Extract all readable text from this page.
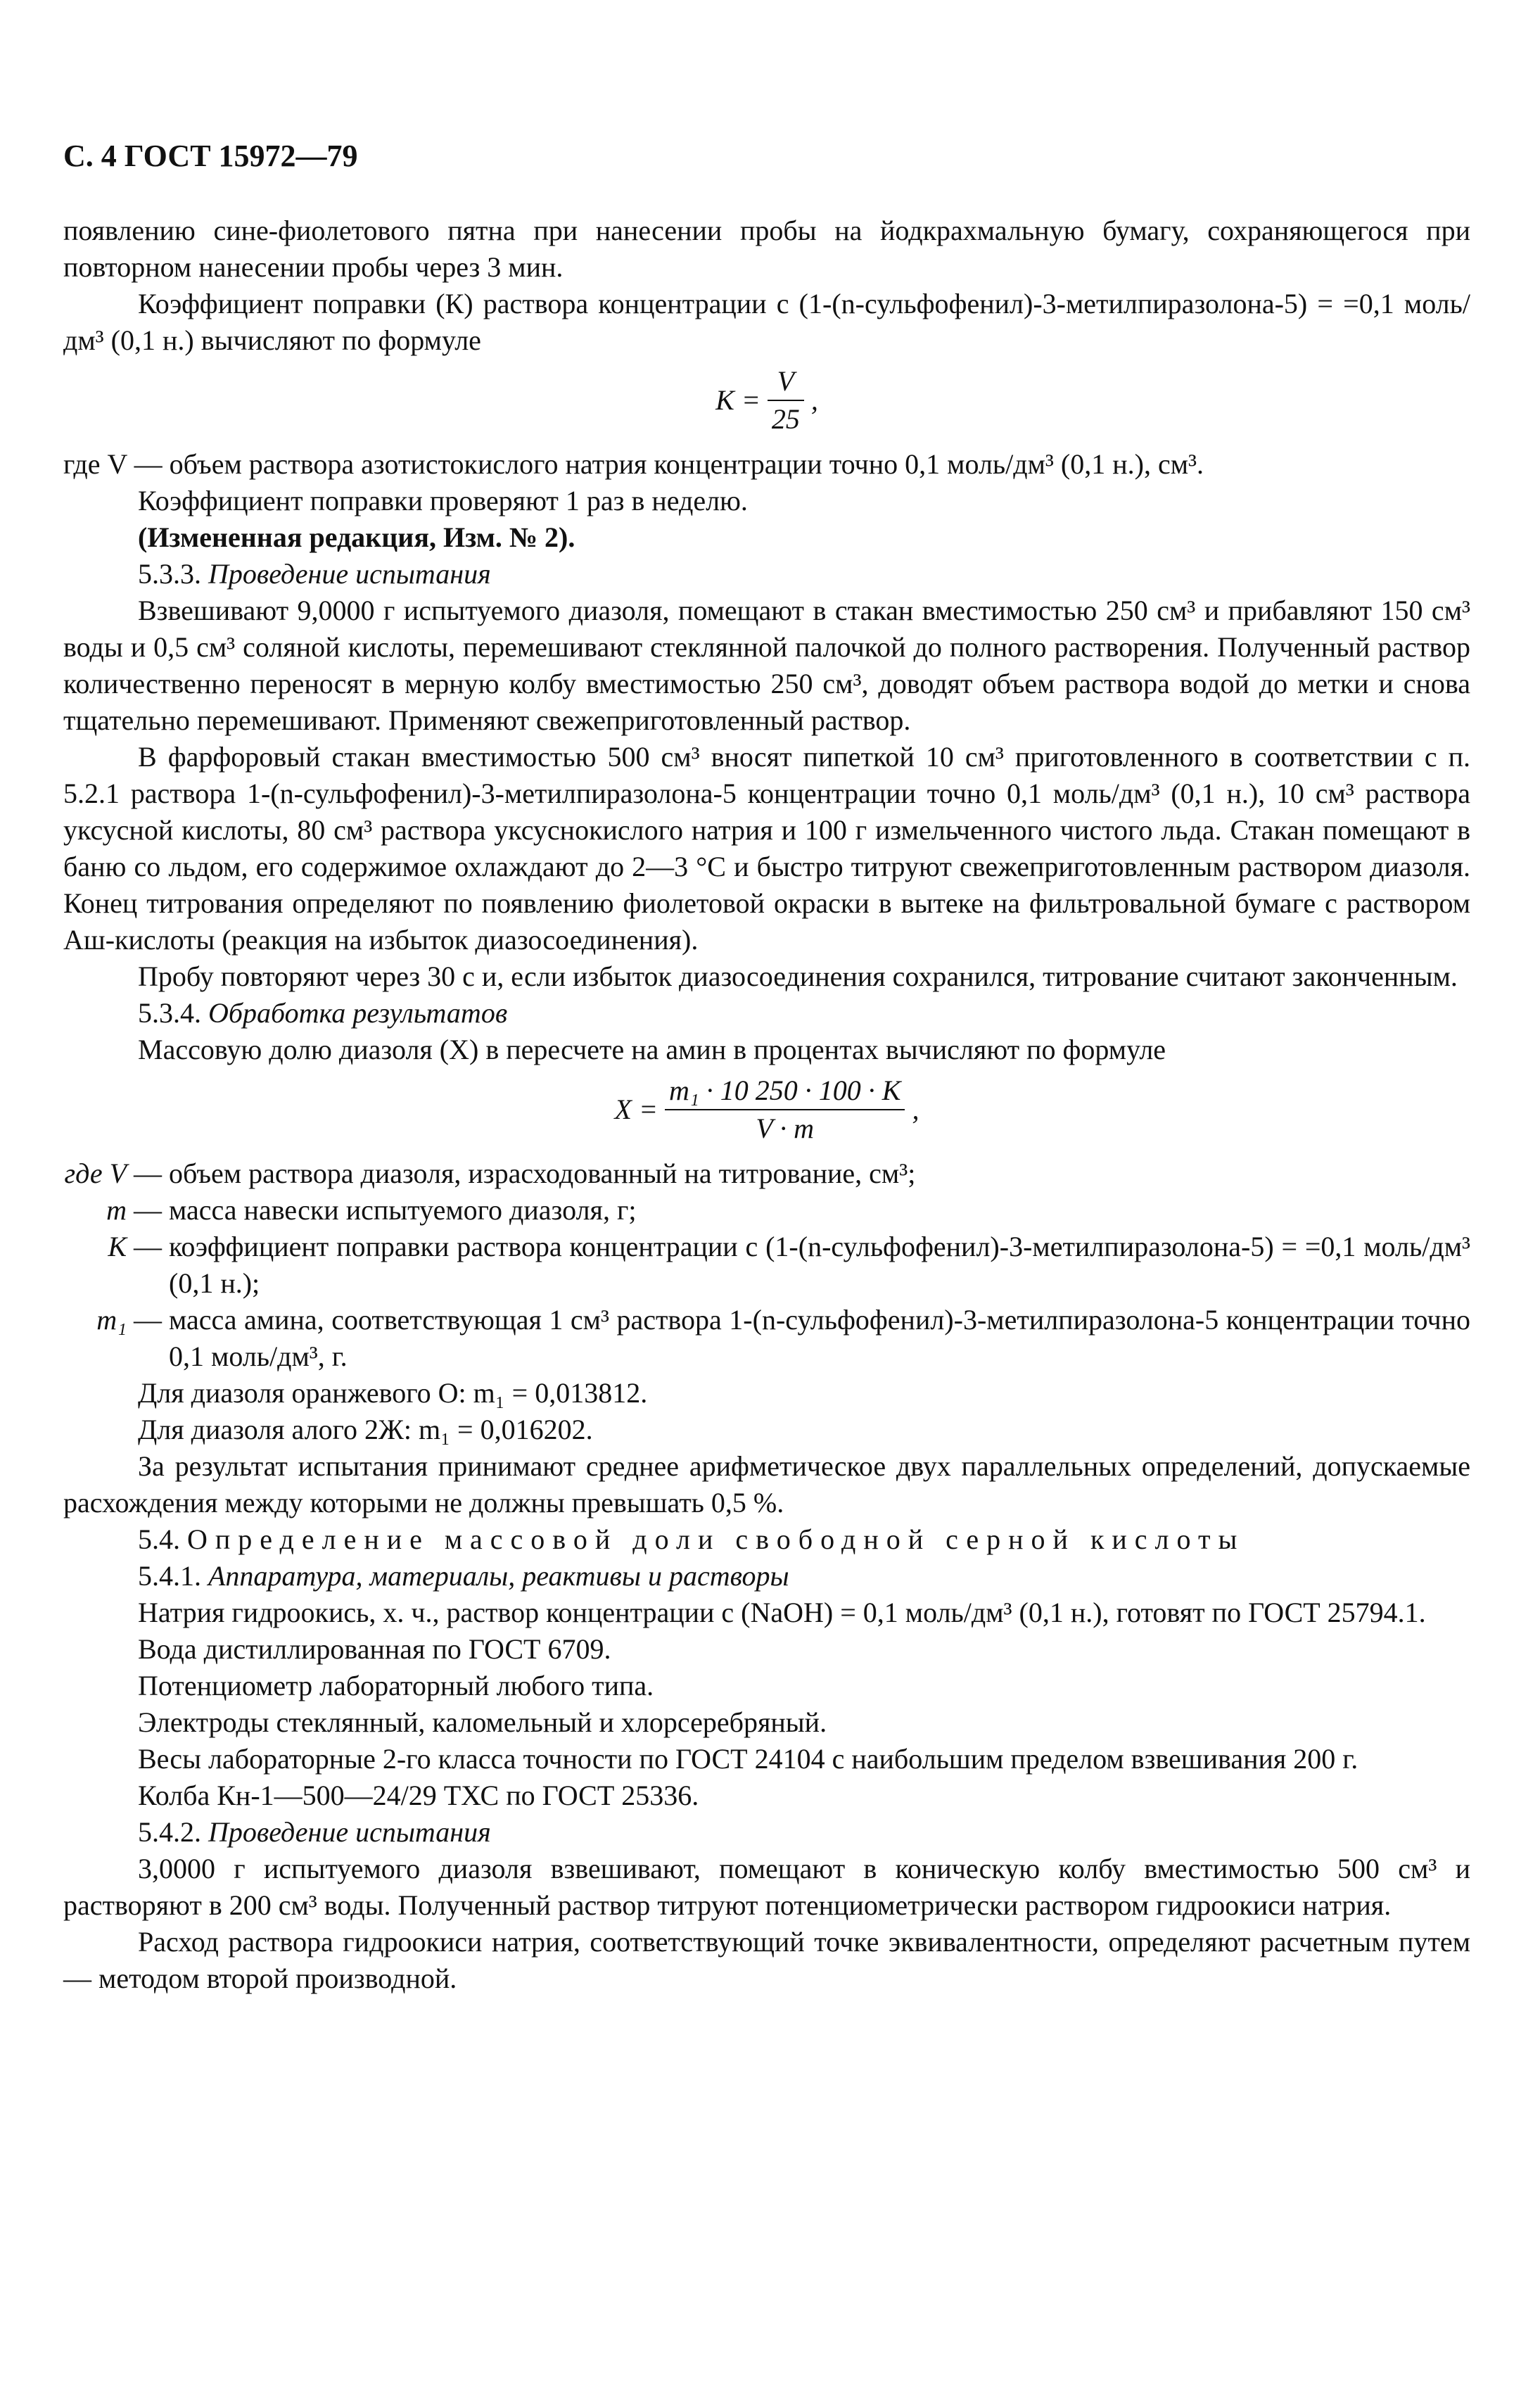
С. 4 ГОСТ 15972—79

появлению сине-фиолетового пятна при нанесении пробы на йодкрахмальную бумагу, сохраняющегося при повторном нанесении пробы через 3 мин.

Коэффициент поправки (К) раствора концентрации с (1-(n-сульфофенил)-3-метилпиразолона-5) = =0,1 моль/дм³ (0,1 н.) вычисляют по формуле

$K = \frac{V}{25}$ ,

где V — объем раствора азотистокислого натрия концентрации точно 0,1 моль/дм³ (0,1 н.), см³.

Коэффициент поправки проверяют 1 раз в неделю.

(Измененная редакция, Изм. № 2).

5.3.3. Проведение испытания

Взвешивают 9,0000 г испытуемого диазоля, помещают в стакан вместимостью 250 см³ и прибавляют 150 см³ воды и 0,5 см³ соляной кислоты, перемешивают стеклянной палочкой до полного растворения. Полученный раствор количественно переносят в мерную колбу вместимостью 250 см³, доводят объем раствора водой до метки и снова тщательно перемешивают. Применяют свежеприготовленный раствор.

В фарфоровый стакан вместимостью 500 см³ вносят пипеткой 10 см³ приготовленного в соответствии с п. 5.2.1 раствора 1-(n-сульфофенил)-3-метилпиразолона-5 концентрации точно 0,1 моль/дм³ (0,1 н.), 10 см³ раствора уксусной кислоты, 80 см³ раствора уксуснокислого натрия и 100 г измельченного чистого льда. Стакан помещают в баню со льдом, его содержимое охлаждают до 2—3 °С и быстро титруют свежеприготовленным раствором диазоля. Конец титрования определяют по появлению фиолетовой окраски в вытеке на фильтровальной бумаге с раствором Аш-кислоты (реакция на избыток диазосоединения).

Пробу повторяют через 30 с и, если избыток диазосоединения сохранился, титрование считают законченным.

5.3.4. Обработка результатов

Массовую долю диазоля (X) в пересчете на амин в процентах вычисляют по формуле

$X = \frac{\text{m₁ · 10 250 · 100 · K}}{V \cdot m}$ ,
где V — объем раствора диазоля, израсходованный на титрование, см³;
m — масса навески испытуемого диазоля, г;
K — коэффициент поправки раствора концентрации с (1-(n-сульфофенил)-3-метилпиразолона-5) = =0,1 моль/дм³ (0,1 н.);
m₁ — масса амина, соответствующая 1 см³ раствора 1-(n-сульфофенил)-3-метилпиразолона-5 концентрации точно 0,1 моль/дм³, г.

Для диазоля оранжевого О: m₁ = 0,013812.

Для диазоля алого 2Ж: m₁ = 0,016202.

За результат испытания принимают среднее арифметическое двух параллельных определений, допускаемые расхождения между которыми не должны превышать 0,5 %.

5.4. Определение массовой доли свободной серной кислоты

5.4.1. Аппаратура, материалы, реактивы и растворы

Натрия гидроокись, х. ч., раствор концентрации с (NaOH) = 0,1 моль/дм³ (0,1 н.), готовят по ГОСТ 25794.1.

Вода дистиллированная по ГОСТ 6709.

Потенциометр лабораторный любого типа.

Электроды стеклянный, каломельный и хлорсеребряный.

Весы лабораторные 2-го класса точности по ГОСТ 24104 с наибольшим пределом взвешивания 200 г.

Колба Кн-1—500—24/29 ТХС по ГОСТ 25336.

5.4.2. Проведение испытания

3,0000 г испытуемого диазоля взвешивают, помещают в коническую колбу вместимостью 500 см³ и растворяют в 200 см³ воды. Полученный раствор титруют потенциометрически раствором гидроокиси натрия.

Расход раствора гидроокиси натрия, соответствующий точке эквивалентности, определяют расчетным путем — методом второй производной.
